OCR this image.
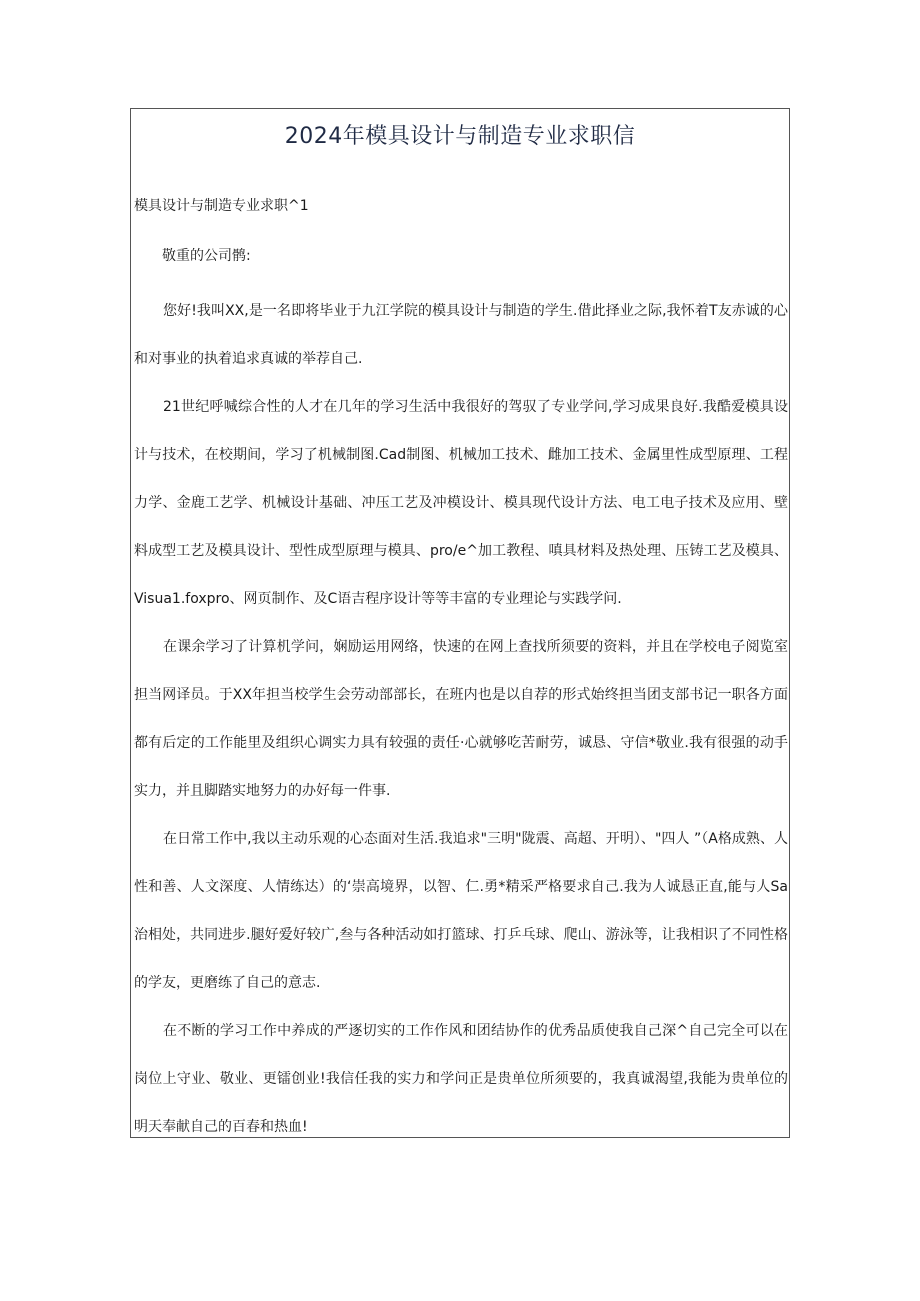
2024年模具设计与制造专业求职信

模具设计与制造专业求职^1

敬重的公司鹘:

您好!我叫XX,是一名即将毕业于九江学院的模具设计与制造的学生.借此择业之际,我怀着T友赤诚的心和对事业的执着追求真诚的举荐自己.

21世纪呼喊综合性的人才在几年的学习生活中我很好的驾驭了专业学问,学习成果良好.我酷爱模具设计与技术，在校期间，学习了机械制图.Cad制图、机械加工技术、雌加工技术、金属里性成型原理、工程力学、金鹿工艺学、机械设计基础、冲压工艺及冲模设计、模具现代设计方法、电工电子技术及应用、壁料成型工艺及模具设计、型性成型原理与模具、pro/e^加工教程、嗔具材料及热处理、压铸工艺及模具、Visua1.foxpro、网页制作、及C语吉程序设计等等丰富的专业理论与实践学问.

在课余学习了计算机学问，娴励运用网络，快速的在网上查找所须要的资料，并且在学校电子阅览室担当网译员。于XX年担当校学生会劳动部部长，在班内也是以自荐的形式始终担当团支部书记一职各方面都有后定的工作能里及组织心调实力具有较强的责任·心就够吃苦耐劳，诚恳、守信*敬业.我有很强的动手实力，并且脚踏实地努力的办好每一件事.

在日常工作中,我以主动乐观的心态面对生活.我追求"三明"陇震、高超、开明）、"四人 ”（A格成熟、人性和善、人文深度、人情练达）的‘崇高境界，以智、仁.勇*精采严格要求自己.我为人诚恳正直,能与人Sa治相处，共同进步.腿好爱好较广,叁与各种活动如打篮球、打乒乓球、爬山、游泳等，让我相识了不同性格的学友，更磨练了自己的意志.

在不断的学习工作中养成的严逐切实的工作作风和团结协作的优秀品质使我自己深^自己完全可以在岗位上守业、敬业、更镭创业!我信任我的实力和学问正是贵单位所须要的，我真诚渴望,我能为贵单位的明天奉献自己的百春和热血!
